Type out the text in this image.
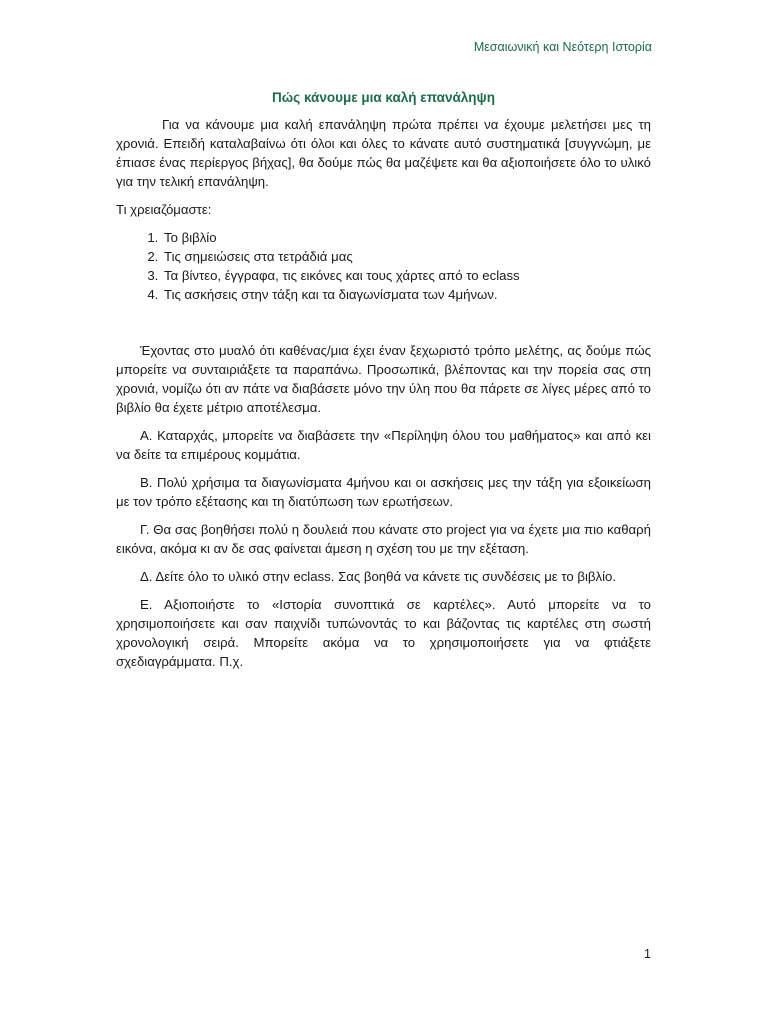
Μεσαιωνική και Νεότερη Ιστορία
Πώς κάνουμε μια καλή επανάληψη

Για να κάνουμε μια καλή επανάληψη πρώτα πρέπει να έχουμε μελετήσει μες τη χρονιά. Επειδή καταλαβαίνω ότι όλοι και όλες το κάνατε αυτό συστηματικά [συγγνώμη, με έπιασε ένας περίεργος βήχας], θα δούμε πώς θα μαζέψετε και θα αξιοποιήσετε όλο το υλικό για την τελική επανάληψη.

Τι χρειαζόμαστε:

1. Το βιβλίο
2. Τις σημειώσεις στα τετράδιά μας
3. Τα βίντεο, έγγραφα, τις εικόνες και τους χάρτες από το eclass
4. Τις ασκήσεις στην τάξη και τα διαγωνίσματα των 4μήνων.

Έχοντας στο μυαλό ότι καθένας/μια έχει έναν ξεχωριστό τρόπο μελέτης, ας δούμε πώς μπορείτε να συνταιριάξετε τα παραπάνω. Προσωπικά, βλέποντας και την πορεία σας στη χρονιά, νομίζω ότι αν πάτε να διαβάσετε μόνο την ύλη που θα πάρετε σε λίγες μέρες από το βιβλίο θα έχετε μέτριο αποτέλεσμα.

Α. Καταρχάς, μπορείτε να διαβάσετε την «Περίληψη όλου του μαθήματος» και από κει να δείτε τα επιμέρους κομμάτια.

Β. Πολύ χρήσιμα τα διαγωνίσματα 4μήνου και οι ασκήσεις μες την τάξη για εξοικείωση με τον τρόπο εξέτασης και τη διατύπωση των ερωτήσεων.

Γ. Θα σας βοηθήσει πολύ η δουλειά που κάνατε στο project για να έχετε μια πιο καθαρή εικόνα, ακόμα κι αν δε σας φαίνεται άμεση η σχέση του με την εξέταση.

Δ. Δείτε όλο το υλικό στην eclass. Σας βοηθά να κάνετε τις συνδέσεις με το βιβλίο.

Ε. Αξιοποιήστε το «Ιστορία συνοπτικά σε καρτέλες». Αυτό μπορείτε να το χρησιμοποιήσετε και σαν παιχνίδι τυπώνοντάς το και βάζοντας τις καρτέλες στη σωστή χρονολογική σειρά. Μπορείτε ακόμα να το χρησιμοποιήσετε για να φτιάξετε σχεδιαγράμματα. Π.χ.

1
